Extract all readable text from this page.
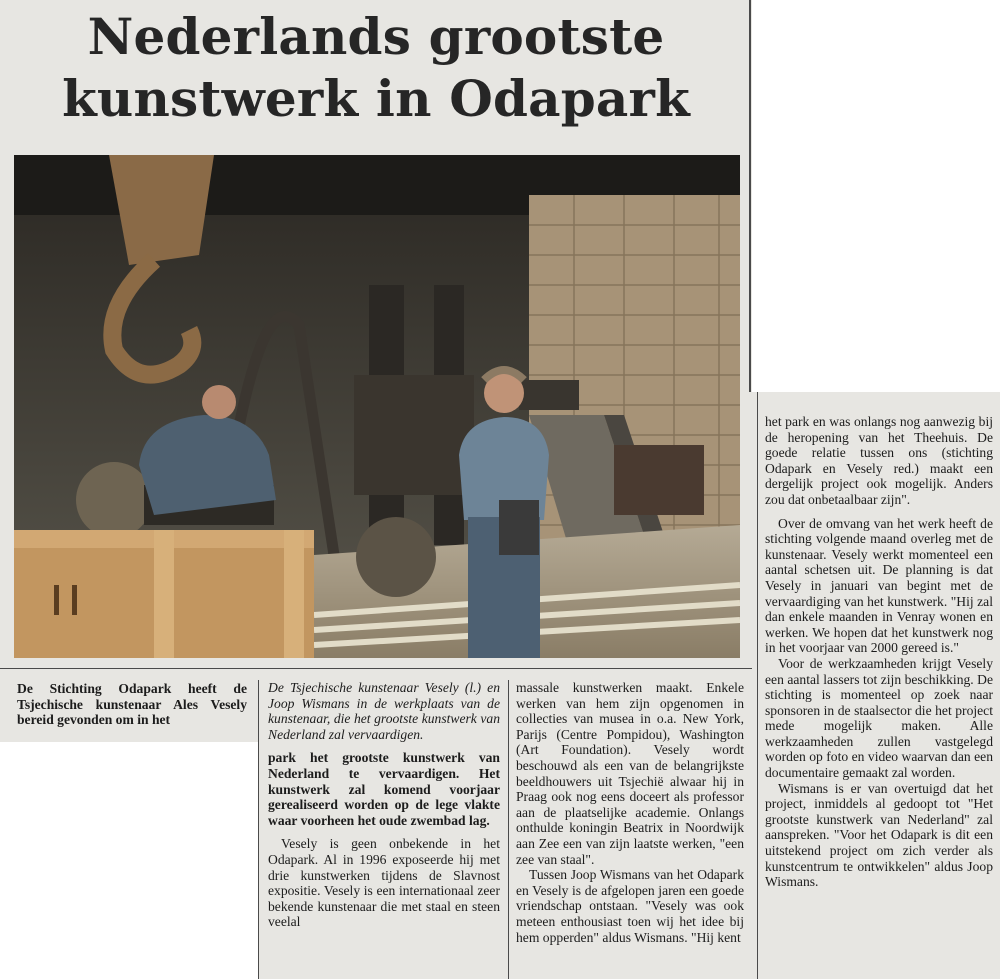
Nederlands grootste
kunstwerk in Odapark

De Stichting Odapark heeft de Tsjechische kunstenaar Ales Vesely bereid gevonden om in het

De Tsjechische kunstenaar Vesely (l.) en Joop Wismans in de werkplaats van de kunstenaar, die het grootste kunstwerk van Nederland zal vervaardigen.

park het grootste kunstwerk van Nederland te vervaardigen. Het kunstwerk zal komend voorjaar gerealiseerd worden op de lege vlakte waar voorheen het oude zwembad lag.

Vesely is geen onbekende in het Odapark. Al in 1996 exposeerde hij met drie kunstwerken tijdens de Slavnost expositie. Vesely is een internationaal zeer bekende kunstenaar die met staal en steen veelal

massale kunstwerken maakt. Enkele werken van hem zijn opgenomen in collecties van musea in o.a. New York, Parijs (Centre Pompidou), Washington (Art Foundation). Vesely wordt beschouwd als een van de belangrijkste beeldhouwers uit Tsjechië alwaar hij in Praag ook nog eens doceert als professor aan de plaatselijke academie. Onlangs onthulde koningin Beatrix in Noordwijk aan Zee een van zijn laatste werken, "een zee van staal".

Tussen Joop Wismans van het Odapark en Vesely is de afgelopen jaren een goede vriendschap ontstaan. "Vesely was ook meteen enthousiast toen wij het idee bij hem opperden" aldus Wismans. "Hij kent

het park en was onlangs nog aanwezig bij de heropening van het Theehuis. De goede relatie tussen ons (stichting Odapark en Vesely red.) maakt een dergelijk project ook mogelijk. Anders zou dat onbetaalbaar zijn".

Over de omvang van het werk heeft de stichting volgende maand overleg met de kunstenaar. Vesely werkt momenteel een aantal schetsen uit. De planning is dat Vesely in januari van begint met de vervaardiging van het kunstwerk. "Hij zal dan enkele maanden in Venray wonen en werken. We hopen dat het kunstwerk nog in het voorjaar van 2000 gereed is."

Voor de werkzaamheden krijgt Vesely een aantal lassers tot zijn beschikking. De stichting is momenteel op zoek naar sponsoren in de staalsector die het project mede mogelijk maken. Alle werkzaamheden zullen vastgelegd worden op foto en video waarvan dan een documentaire gemaakt zal worden.

Wismans is er van overtuigd dat het project, inmiddels al gedoopt tot "Het grootste kunstwerk van Nederland" zal aanspreken. "Voor het Odapark is dit een uitstekend project om zich verder als kunstcentrum te ontwikkelen" aldus Joop Wismans.
